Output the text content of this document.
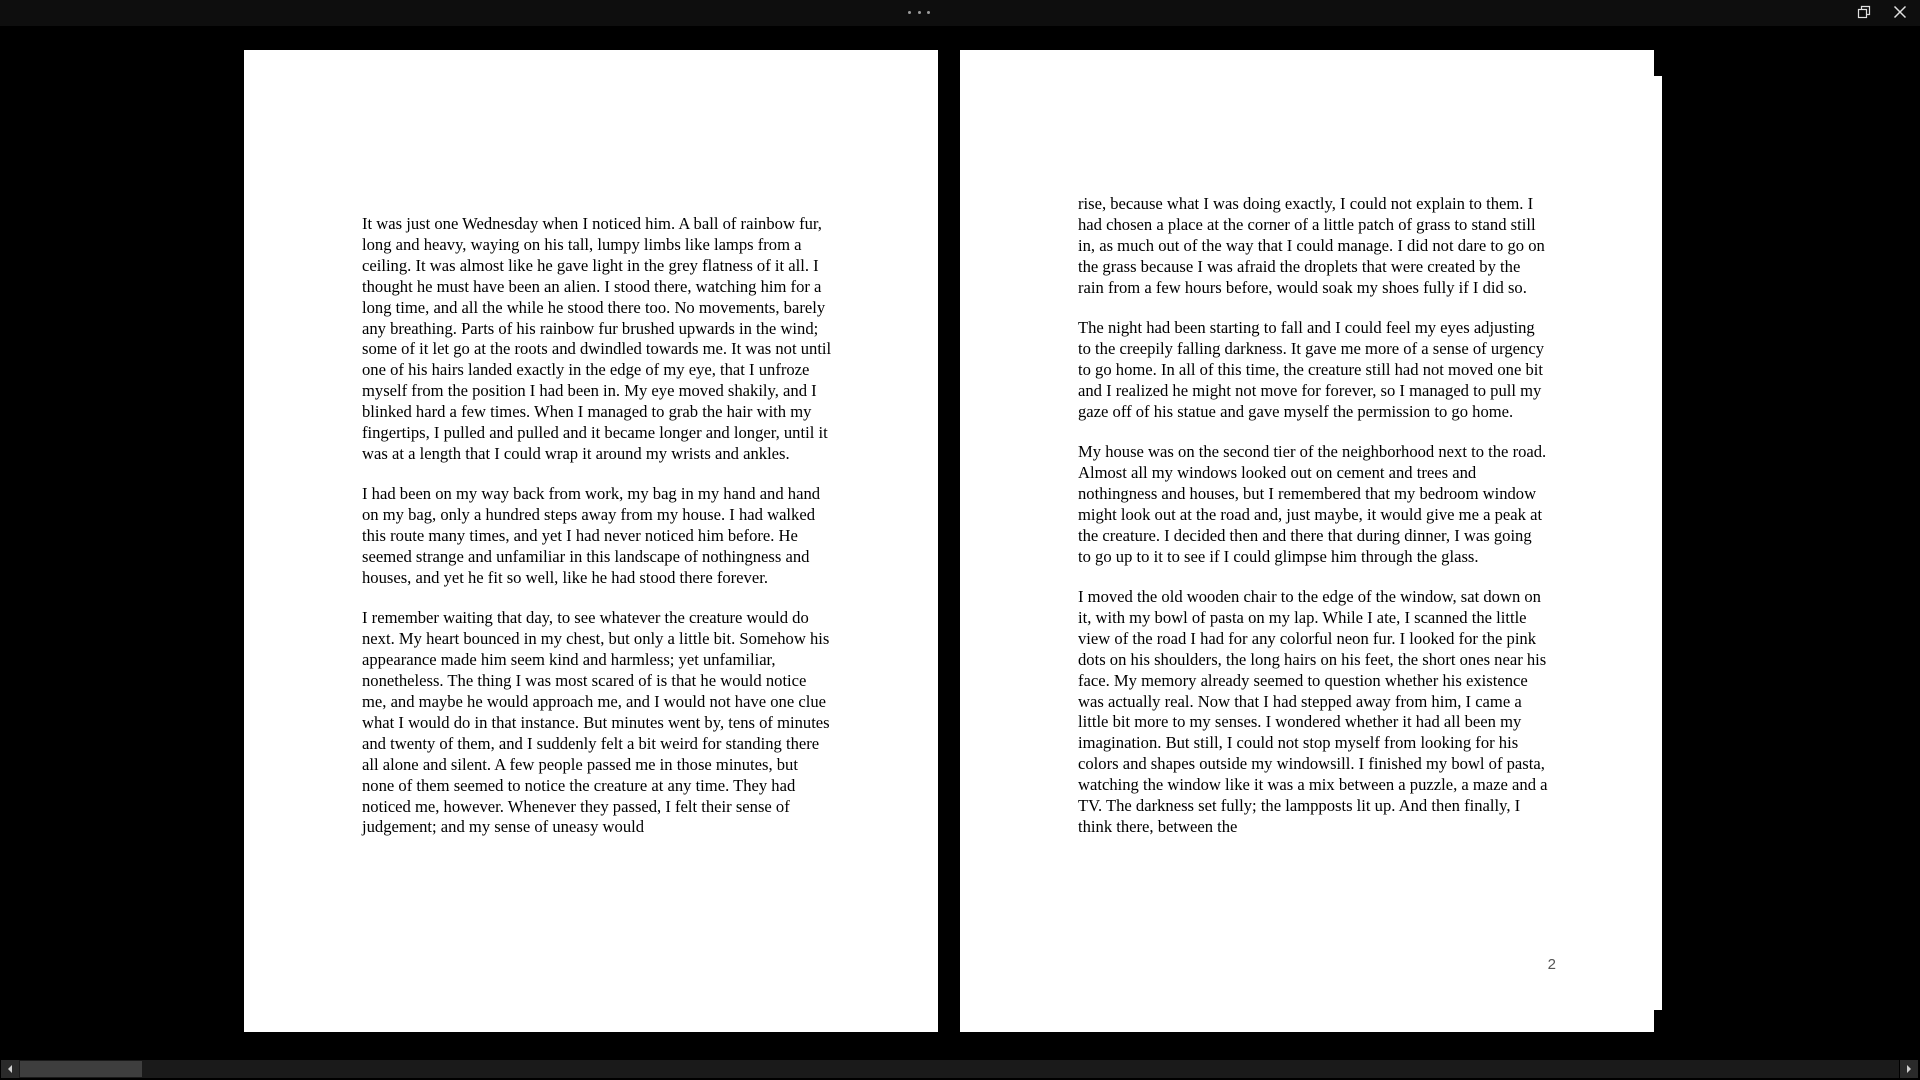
It was just one Wednesday when I noticed him. A ball of rainbow fur, long and heavy, waying on his tall, lumpy limbs like lamps from a ceiling. It was almost like he gave light in the grey flatness of it all. I thought he must have been an alien. I stood there, watching him for a long time, and all the while he stood there too. No movements, barely any breathing. Parts of his rainbow fur brushed upwards in the wind; some of it let go at the roots and dwindled towards me. It was not until one of his hairs landed exactly in the edge of my eye, that I unfroze myself from the position I had been in. My eye moved shakily, and I blinked hard a few times. When I managed to grab the hair with my fingertips, I pulled and pulled and it became longer and longer, until it was at a length that I could wrap it around my wrists and ankles.

I had been on my way back from work, my bag in my hand and hand on my bag, only a hundred steps away from my house. I had walked this route many times, and yet I had never noticed him before. He seemed strange and unfamiliar in this landscape of nothingness and houses, and yet he fit so well, like he had stood there forever.

I remember waiting that day, to see whatever the creature would do next. My heart bounced in my chest, but only a little bit. Somehow his appearance made him seem kind and harmless; yet unfamiliar, nonetheless. The thing I was most scared of is that he would notice me, and maybe he would approach me, and I would not have one clue what I would do in that instance. But minutes went by, tens of minutes and twenty of them, and I suddenly felt a bit weird for standing there all alone and silent. A few people passed me in those minutes, but none of them seemed to notice the creature at any time. They had noticed me, however. Whenever they passed, I felt their sense of judgement; and my sense of uneasy would

rise, because what I was doing exactly, I could not explain to them. I had chosen a place at the corner of a little patch of grass to stand still in, as much out of the way that I could manage. I did not dare to go on the grass because I was afraid the droplets that were created by the rain from a few hours before, would soak my shoes fully if I did so.

The night had been starting to fall and I could feel my eyes adjusting to the creepily falling darkness. It gave me more of a sense of urgency to go home. In all of this time, the creature still had not moved one bit and I realized he might not move for forever, so I managed to pull my gaze off of his statue and gave myself the permission to go home.

My house was on the second tier of the neighborhood next to the road. Almost all my windows looked out on cement and trees and nothingness and houses, but I remembered that my bedroom window might look out at the road and, just maybe, it would give me a peak at the creature. I decided then and there that during dinner, I was going to go up to it to see if I could glimpse him through the glass.

I moved the old wooden chair to the edge of the window, sat down on it, with my bowl of pasta on my lap. While I ate, I scanned the little view of the road I had for any colorful neon fur. I looked for the pink dots on his shoulders, the long hairs on his feet, the short ones near his face. My memory already seemed to question whether his existence was actually real. Now that I had stepped away from him, I came a little bit more to my senses. I wondered whether it had all been my imagination. But still, I could not stop myself from looking for his colors and shapes outside my windowsill. I finished my bowl of pasta, watching the window like it was a mix between a puzzle, a maze and a TV. The darkness set fully; the lampposts lit up. And then finally, I think there, between the

2
